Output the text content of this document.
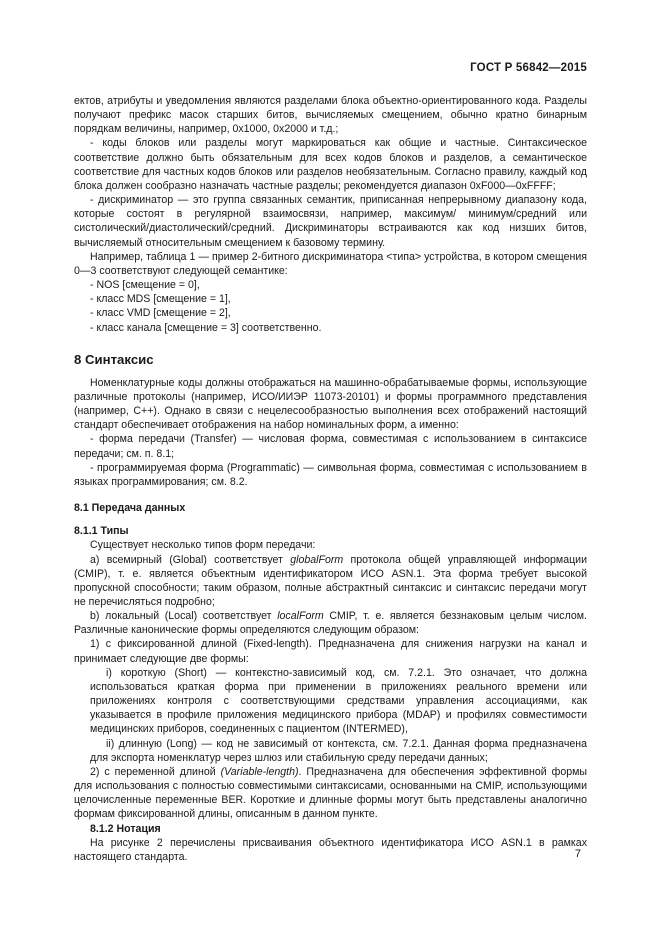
ГОСТ Р 56842—2015

ектов, атрибуты и уведомления являются разделами блока объектно-ориентированного кода. Разделы получают префикс масок старших битов, вычисляемых смещением, обычно кратно бинарным порядкам величины, например, 0x1000, 0x2000 и т.д.;

- коды блоков или разделы могут маркироваться как общие и частные. Синтаксическое соответствие должно быть обязательным для всех кодов блоков и разделов, а семантическое соответствие для частных кодов блоков или разделов необязательным. Согласно правилу, каждый код блока должен сообразно назначать частные разделы; рекомендуется диапазон 0xF000—0xFFFF;

- дискриминатор — это группа связанных семантик, приписанная непрерывному диапазону кода, которые состоят в регулярной взаимосвязи, например, максимум/ минимум/средний или систолический/диастолический/средний. Дискриминаторы встраиваются как код низших битов, вычисляемый относительным смещением к базовому термину.

Например, таблица 1 — пример 2-битного дискриминатора <типа> устройства, в котором смещения 0—3 соответствуют следующей семантике:

- NOS [смещение = 0],

- класс MDS [смещение = 1],

- класс VMD [смещение = 2],

- класс канала [смещение = 3] соответственно.

8 Синтаксис

Номенклатурные коды должны отображаться на машинно-обрабатываемые формы, использующие различные протоколы (например, ИСО/ИИЭР 11073-20101) и формы программного представления (например, С++). Однако в связи с нецелесообразностью выполнения всех отображений настоящий стандарт обеспечивает отображения на набор номинальных форм, а именно:

- форма передачи (Transfer) — числовая форма, совместимая с использованием в синтаксисе передачи; см. п. 8.1;

- программируемая форма (Programmatic) — символьная форма, совместимая с использованием в языках программирования; см. 8.2.

8.1 Передача данных

8.1.1 Типы

Существует несколько типов форм передачи:

а) всемирный (Global) соответствует globalForm протокола общей управляющей информации (CMIP), т. е. является объектным идентификатором ИСО ASN.1. Эта форма требует высокой пропускной способности; таким образом, полные абстрактный синтаксис и синтаксис передачи могут не перечисляться подробно;

b) локальный (Local) соответствует localForm CMIP, т. е. является беззнаковым целым числом. Различные канонические формы определяются следующим образом:

1) с фиксированной длиной (Fixed-length). Предназначена для снижения нагрузки на канал и принимает следующие две формы:

i) короткую (Short) — контекстно-зависимый код, см. 7.2.1. Это означает, что должна использоваться краткая форма при применении в приложениях реального времени или приложениях контроля с соответствующими средствами управления ассоциациями, как указывается в профиле приложения медицинского прибора (MDAP) и профилях совместимости медицинских приборов, соединенных с пациентом (INTERMED),

ii) длинную (Long) — код не зависимый от контекста, см. 7.2.1. Данная форма предназначена для экспорта номенклатур через шлюз или стабильную среду передачи данных;

2) с переменной длиной (Variable-length). Предназначена для обеспечения эффективной формы для использования с полностью совместимыми синтаксисами, основанными на CMIP, использующими целочисленные переменные BER. Короткие и длинные формы могут быть представлены аналогично формам фиксированной длины, описанным в данном пункте.

8.1.2 Нотация

На рисунке 2 перечислены присваивания объектного идентификатора ИСО ASN.1 в рамках настоящего стандарта.	7
